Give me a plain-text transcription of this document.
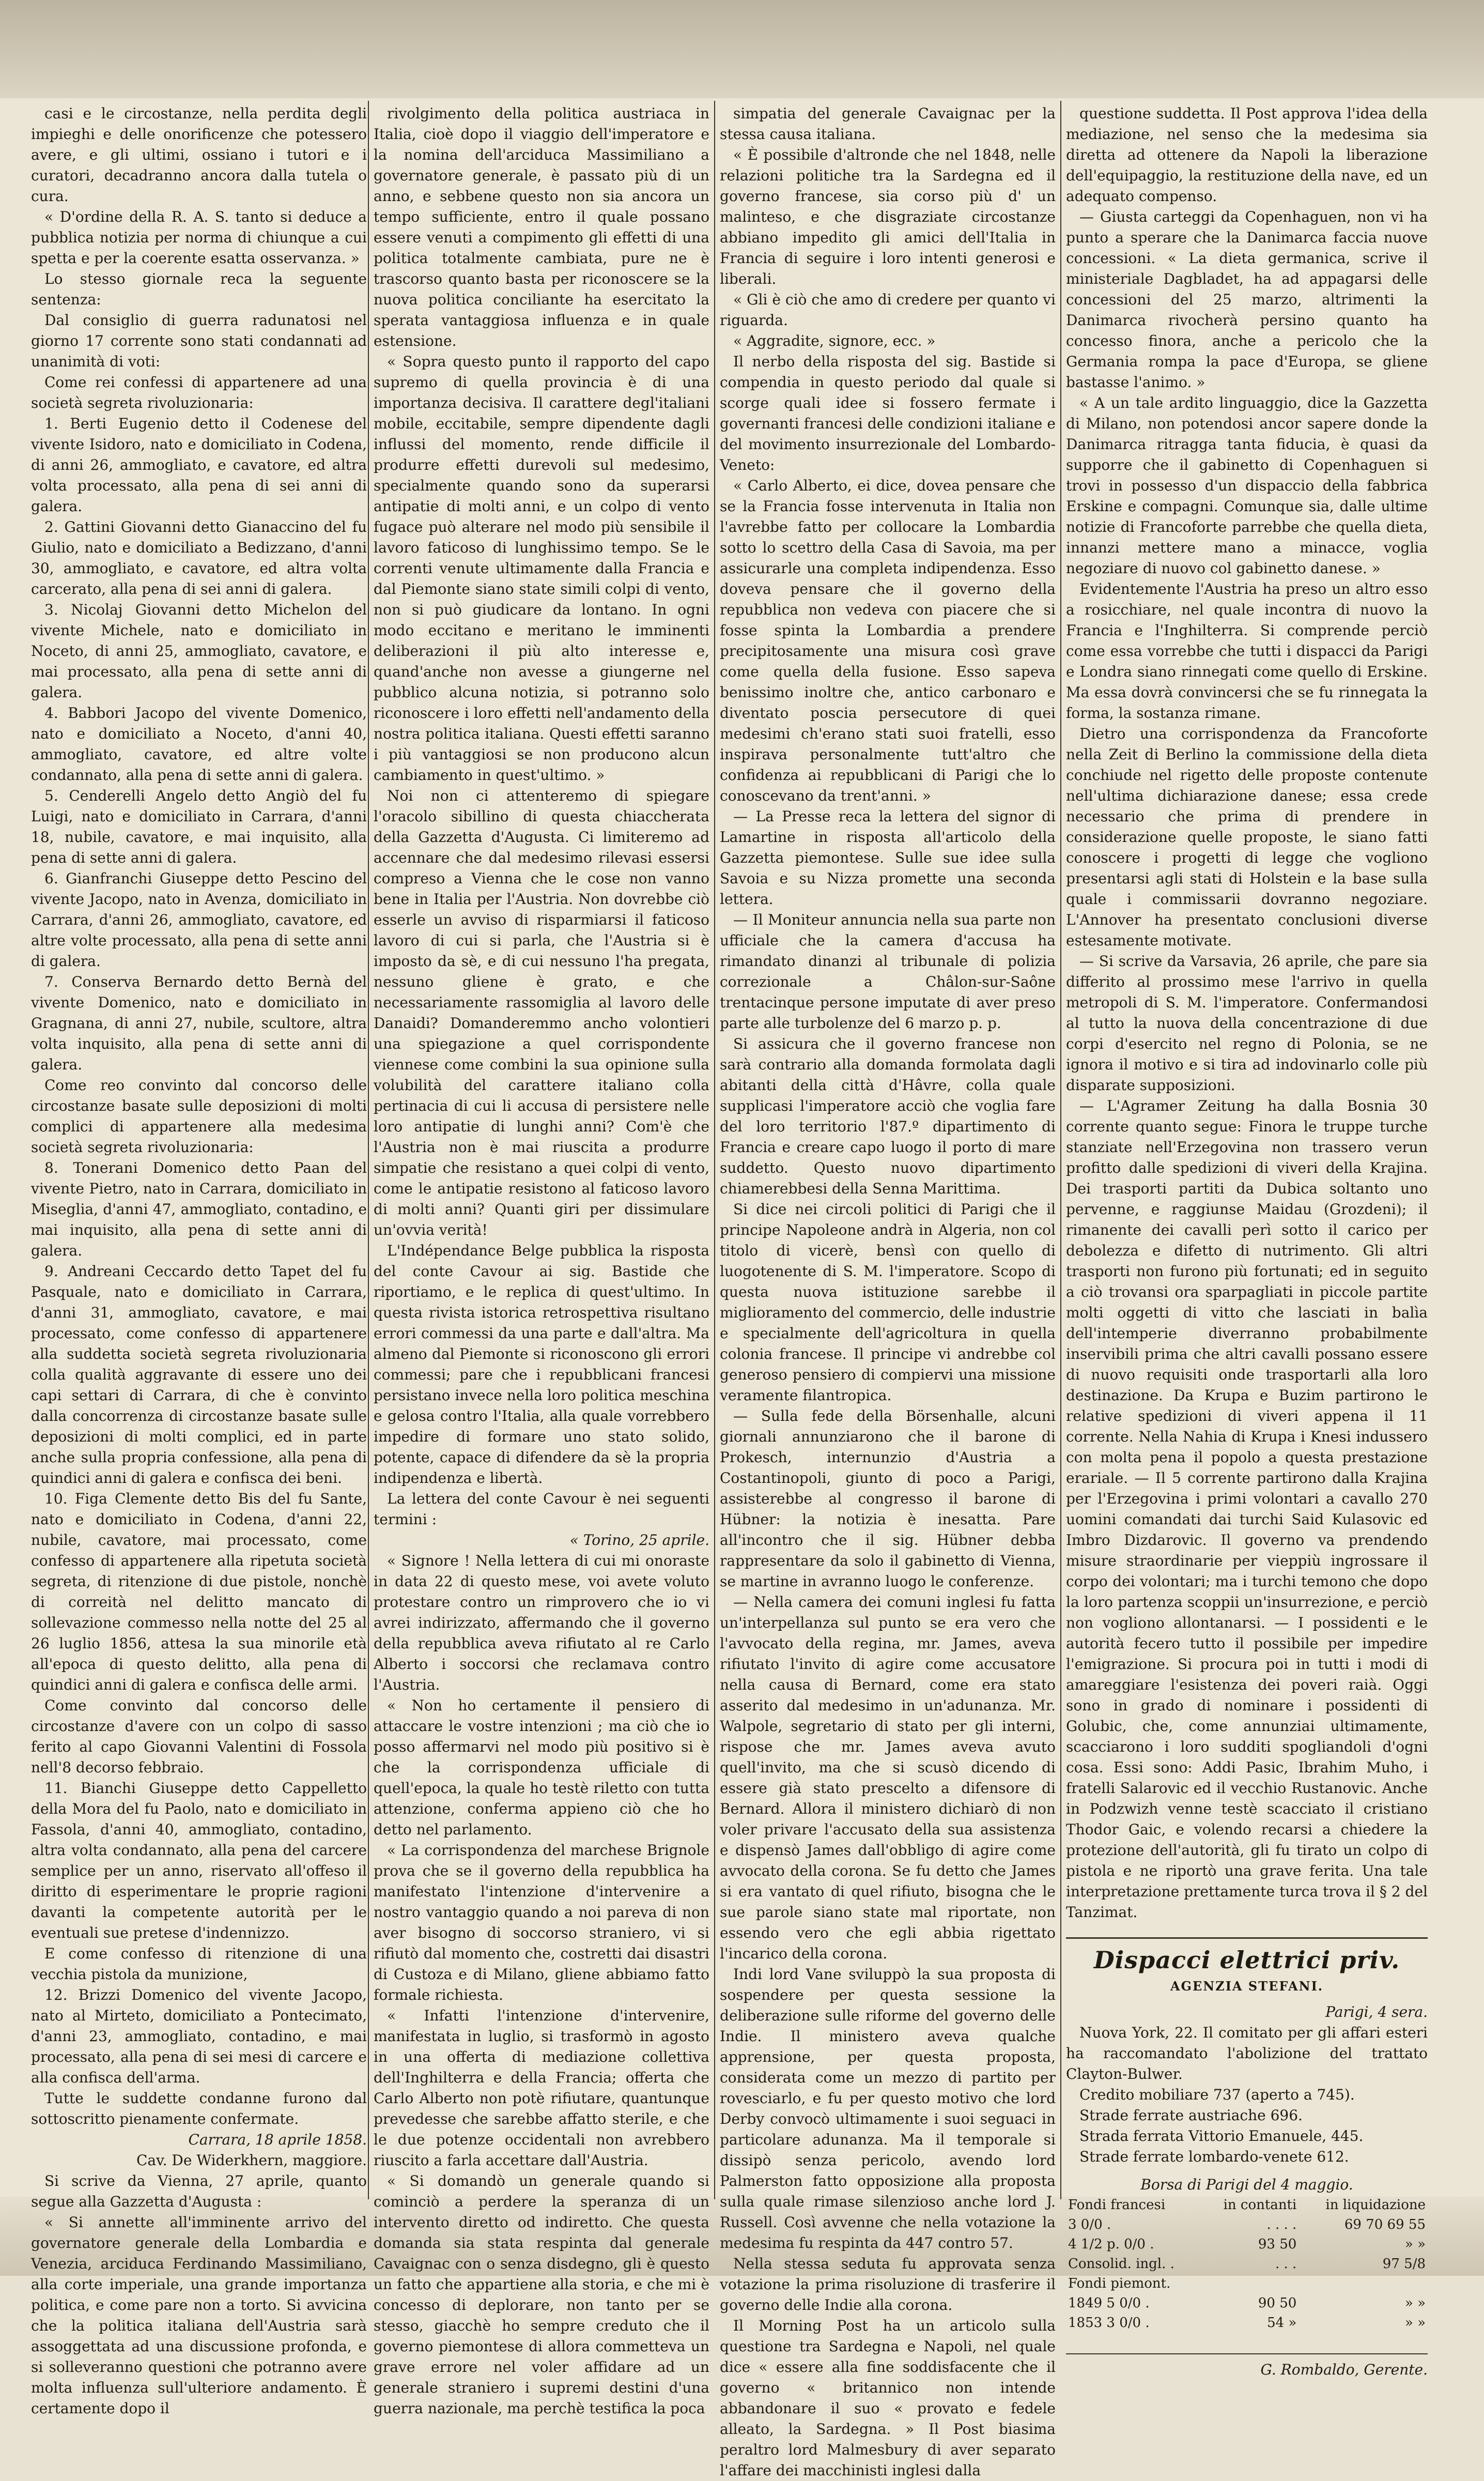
casi e le circostanze, nella perdita degli impieghi e delle onorificenze che potessero avere, e gli ultimi, ossiano i tutori e i curatori, decadranno ancora dalla tutela o cura.

« D'ordine della R. A. S. tanto si deduce a pubblica notizia per norma di chiunque a cui spetta e per la coerente esatta osservanza. »

Lo stesso giornale reca la seguente sentenza:

Dal consiglio di guerra radunatosi nel giorno 17 corrente sono stati condannati ad unanimità di voti:

Come rei confessi di appartenere ad una società segreta rivoluzionaria:

1. Berti Eugenio detto il Codenese del vivente Isidoro, nato e domiciliato in Codena, di anni 26, ammogliato, e cavatore, ed altra volta processato, alla pena di sei anni di galera.

2. Gattini Giovanni detto Gianaccino del fu Giulio, nato e domiciliato a Bedizzano, d'anni 30, ammogliato, e cavatore, ed altra volta carcerato, alla pena di sei anni di galera.

3. Nicolaj Giovanni detto Michelon del vivente Michele, nato e domiciliato in Noceto, di anni 25, ammogliato, cavatore, e mai processato, alla pena di sette anni di galera.

4. Babbori Jacopo del vivente Domenico, nato e domiciliato a Noceto, d'anni 40, ammogliato, cavatore, ed altre volte condannato, alla pena di sette anni di galera.

5. Cenderelli Angelo detto Angiò del fu Luigi, nato e domiciliato in Carrara, d'anni 18, nubile, cavatore, e mai inquisito, alla pena di sette anni di galera.

6. Gianfranchi Giuseppe detto Pescino del vivente Jacopo, nato in Avenza, domiciliato in Carrara, d'anni 26, ammogliato, cavatore, ed altre volte processato, alla pena di sette anni di galera.

7. Conserva Bernardo detto Bernà del vivente Domenico, nato e domiciliato in Gragnana, di anni 27, nubile, scultore, altra volta inquisito, alla pena di sette anni di galera.

Come reo convinto dal concorso delle circostanze basate sulle deposizioni di molti complici di appartenere alla medesima società segreta rivoluzionaria:

8. Tonerani Domenico detto Paan del vivente Pietro, nato in Carrara, domiciliato in Miseglia, d'anni 47, ammogliato, contadino, e mai inquisito, alla pena di sette anni di galera.

9. Andreani Ceccardo detto Tapet del fu Pasquale, nato e domiciliato in Carrara, d'anni 31, ammogliato, cavatore, e mai processato, come confesso di appartenere alla suddetta società segreta rivoluzionaria colla qualità aggravante di essere uno dei capi settari di Carrara, di che è convinto dalla concorrenza di circostanze basate sulle deposizioni di molti complici, ed in parte anche sulla propria confessione, alla pena di quindici anni di galera e confisca dei beni.

10. Figa Clemente detto Bis del fu Sante, nato e domiciliato in Codena, d'anni 22, nubile, cavatore, mai processato, come confesso di appartenere alla ripetuta società segreta, di ritenzione di due pistole, nonchè di correità nel delitto mancato di sollevazione commesso nella notte del 25 al 26 luglio 1856, attesa la sua minorile età all'epoca di questo delitto, alla pena di quindici anni di galera e confisca delle armi.

Come convinto dal concorso delle circostanze d'avere con un colpo di sasso ferito al capo Giovanni Valentini di Fossola nell'8 decorso febbraio.

11. Bianchi Giuseppe detto Cappelletto della Mora del fu Paolo, nato e domiciliato in Fassola, d'anni 40, ammogliato, contadino, altra volta condannato, alla pena del carcere semplice per un anno, riservato all'offeso il diritto di esperimentare le proprie ragioni davanti la competente autorità per le eventuali sue pretese d'indennizzo.

E come confesso di ritenzione di una vecchia pistola da munizione,

12. Brizzi Domenico del vivente Jacopo, nato al Mirteto, domiciliato a Pontecimato, d'anni 23, ammogliato, contadino, e mai processato, alla pena di sei mesi di carcere e alla confisca dell'arma.

Tutte le suddette condanne furono dal sottoscritto pienamente confermate.

Carrara, 18 aprile 1858.

Cav. De Widerkhern, maggiore.

Si scrive da Vienna, 27 aprile, quanto segue alla Gazzetta d'Augusta :

« Si annette all'imminente arrivo del governatore generale della Lombardia e Venezia, arciduca Ferdinando Massimiliano, alla corte imperiale, una grande importanza politica, e come pare non a torto. Si avvicina che la politica italiana dell'Austria sarà assoggettata ad una discussione profonda, e si solleveranno questioni che potranno avere molta influenza sull'ulteriore andamento. È certamente dopo il

rivolgimento della politica austriaca in Italia, cioè dopo il viaggio dell'imperatore e la nomina dell'arciduca Massimiliano a governatore generale, è passato più di un anno, e sebbene questo non sia ancora un tempo sufficiente, entro il quale possano essere venuti a compimento gli effetti di una politica totalmente cambiata, pure ne è trascorso quanto basta per riconoscere se la nuova politica conciliante ha esercitato la sperata vantaggiosa influenza e in quale estensione.

« Sopra questo punto il rapporto del capo supremo di quella provincia è di una importanza decisiva. Il carattere degl'italiani mobile, eccitabile, sempre dipendente dagli influssi del momento, rende difficile il produrre effetti durevoli sul medesimo, specialmente quando sono da superarsi antipatie di molti anni, e un colpo di vento fugace può alterare nel modo più sensibile il lavoro faticoso di lunghissimo tempo. Se le correnti venute ultimamente dalla Francia e dal Piemonte siano state simili colpi di vento, non si può giudicare da lontano. In ogni modo eccitano e meritano le imminenti deliberazioni il più alto interesse e, quand'anche non avesse a giungerne nel pubblico alcuna notizia, si potranno solo riconoscere i loro effetti nell'andamento della nostra politica italiana. Questi effetti saranno i più vantaggiosi se non producono alcun cambiamento in quest'ultimo. »

Noi non ci attenteremo di spiegare l'oracolo sibillino di questa chiaccherata della Gazzetta d'Augusta. Ci limiteremo ad accennare che dal medesimo rilevasi essersi compreso a Vienna che le cose non vanno bene in Italia per l'Austria. Non dovrebbe ciò esserle un avviso di risparmiarsi il faticoso lavoro di cui si parla, che l'Austria si è imposto da sè, e di cui nessuno l'ha pregata, nessuno gliene è grato, e che necessariamente rassomiglia al lavoro delle Danaidi? Domanderemmo ancho volontieri una spiegazione a quel corrispondente viennese come combini la sua opinione sulla volubilità del carattere italiano colla pertinacia di cui li accusa di persistere nelle loro antipatie di lunghi anni? Com'è che l'Austria non è mai riuscita a produrre simpatie che resistano a quei colpi di vento, come le antipatie resistono al faticoso lavoro di molti anni? Quanti giri per dissimulare un'ovvia verità!

L'Indépendance Belge pubblica la risposta del conte Cavour ai sig. Bastide che riportiamo, e le replica di quest'ultimo. In questa rivista istorica retrospettiva risultano errori commessi da una parte e dall'altra. Ma almeno dal Piemonte si riconoscono gli errori commessi; pare che i repubblicani francesi persistano invece nella loro politica meschina e gelosa contro l'Italia, alla quale vorrebbero impedire di formare uno stato solido, potente, capace di difendere da sè la propria indipendenza e libertà.

La lettera del conte Cavour è nei seguenti termini :

« Torino, 25 aprile.

« Signore ! Nella lettera di cui mi onoraste in data 22 di questo mese, voi avete voluto protestare contro un rimprovero che io vi avrei indirizzato, affermando che il governo della repubblica aveva rifiutato al re Carlo Alberto i soccorsi che reclamava contro l'Austria.

« Non ho certamente il pensiero di attaccare le vostre intenzioni ; ma ciò che io posso affermarvi nel modo più positivo si è che la corrispondenza ufficiale di quell'epoca, la quale ho testè riletto con tutta attenzione, conferma appieno ciò che ho detto nel parlamento.

« La corrispondenza del marchese Brignole prova che se il governo della repubblica ha manifestato l'intenzione d'intervenire a nostro vantaggio quando a noi pareva di non aver bisogno di soccorso straniero, vi si rifiutò dal momento che, costretti dai disastri di Custoza e di Milano, gliene abbiamo fatto formale richiesta.

« Infatti l'intenzione d'intervenire, manifestata in luglio, si trasformò in agosto in una offerta di mediazione collettiva dell'Inghilterra e della Francia; offerta che Carlo Alberto non potè rifiutare, quantunque prevedesse che sarebbe affatto sterile, e che le due potenze occidentali non avrebbero riuscito a farla accettare dall'Austria.

« Si domandò un generale quando si cominciò a perdere la speranza di un intervento diretto od indiretto. Che questa domanda sia stata respinta dal generale Cavaignac con o senza disdegno, gli è questo un fatto che appartiene alla storia, e che mi è concesso di deplorare, non tanto per se stesso, giacchè ho sempre creduto che il governo piemontese di allora commetteva un grave errore nel voler affidare ad un generale straniero i supremi destini d'una guerra nazionale, ma perchè testifica la poca

simpatia del generale Cavaignac per la stessa causa italiana.

« È possibile d'altronde che nel 1848, nelle relazioni politiche tra la Sardegna ed il governo francese, sia corso più d' un malinteso, e che disgraziate circostanze abbiano impedito gli amici dell'Italia in Francia di seguire i loro intenti generosi e liberali.

« Gli è ciò che amo di credere per quanto vi riguarda.

« Aggradite, signore, ecc. »

Il nerbo della risposta del sig. Bastide si compendia in questo periodo dal quale si scorge quali idee si fossero fermate i governanti francesi delle condizioni italiane e del movimento insurrezionale del Lombardo-Veneto:

« Carlo Alberto, ei dice, dovea pensare che se la Francia fosse intervenuta in Italia non l'avrebbe fatto per collocare la Lombardia sotto lo scettro della Casa di Savoia, ma per assicurarle una completa indipendenza. Esso doveva pensare che il governo della repubblica non vedeva con piacere che si fosse spinta la Lombardia a prendere precipitosamente una misura così grave come quella della fusione. Esso sapeva benissimo inoltre che, antico carbonaro e diventato poscia persecutore di quei medesimi ch'erano stati suoi fratelli, esso inspirava personalmente tutt'altro che confidenza ai repubblicani di Parigi che lo conoscevano da trent'anni. »

— La Presse reca la lettera del signor di Lamartine in risposta all'articolo della Gazzetta piemontese. Sulle sue idee sulla Savoia e su Nizza promette una seconda lettera.

— Il Moniteur annuncia nella sua parte non ufficiale che la camera d'accusa ha rimandato dinanzi al tribunale di polizia correzionale a Châlon-sur-Saône trentacinque persone imputate di aver preso parte alle turbolenze del 6 marzo p. p.

Si assicura che il governo francese non sarà contrario alla domanda formolata dagli abitanti della città d'Hâvre, colla quale supplicasi l'imperatore acciò che voglia fare del loro territorio l'87.º dipartimento di Francia e creare capo luogo il porto di mare suddetto. Questo nuovo dipartimento chiamerebbesi della Senna Marittima.

Si dice nei circoli politici di Parigi che il principe Napoleone andrà in Algeria, non col titolo di vicerè, bensì con quello di luogotenente di S. M. l'imperatore. Scopo di questa nuova istituzione sarebbe il miglioramento del commercio, delle industrie e specialmente dell'agricoltura in quella colonia francese. Il principe vi andrebbe col generoso pensiero di compiervi una missione veramente filantropica.

— Sulla fede della Börsenhalle, alcuni giornali annunziarono che il barone di Prokesch, internunzio d'Austria a Costantinopoli, giunto di poco a Parigi, assisterebbe al congresso il barone di Hübner: la notizia è inesatta. Pare all'incontro che il sig. Hübner debba rappresentare da solo il gabinetto di Vienna, se martine in avranno luogo le conferenze.

— Nella camera dei comuni inglesi fu fatta un'interpellanza sul punto se era vero che l'avvocato della regina, mr. James, aveva rifiutato l'invito di agire come accusatore nella causa di Bernard, come era stato asserito dal medesimo in un'adunanza. Mr. Walpole, segretario di stato per gli interni, rispose che mr. James aveva avuto quell'invito, ma che si scusò dicendo di essere già stato prescelto a difensore di Bernard. Allora il ministero dichiarò di non voler privare l'accusato della sua assistenza e dispensò James dall'obbligo di agire come avvocato della corona. Se fu detto che James si era vantato di quel rifiuto, bisogna che le sue parole siano state mal riportate, non essendo vero che egli abbia rigettato l'incarico della corona.

Indi lord Vane sviluppò la sua proposta di sospendere per questa sessione la deliberazione sulle riforme del governo delle Indie. Il ministero aveva qualche apprensione, per questa proposta, considerata come un mezzo di partito per rovesciarlo, e fu per questo motivo che lord Derby convocò ultimamente i suoi seguaci in particolare adunanza. Ma il temporale si dissipò senza pericolo, avendo lord Palmerston fatto opposizione alla proposta sulla quale rimase silenzioso anche lord J. Russell. Così avvenne che nella votazione la medesima fu respinta da 447 contro 57.

Nella stessa seduta fu approvata senza votazione la prima risoluzione di trasferire il governo delle Indie alla corona.

Il Morning Post ha un articolo sulla questione tra Sardegna e Napoli, nel quale dice « essere alla fine soddisfacente che il governo « britannico non intende abbandonare il suo « provato e fedele alleato, la Sardegna. » Il Post biasima peraltro lord Malmesbury di aver separato l'affare dei macchinisti inglesi dalla

questione suddetta. Il Post approva l'idea della mediazione, nel senso che la medesima sia diretta ad ottenere da Napoli la liberazione dell'equipaggio, la restituzione della nave, ed un adequato compenso.

— Giusta carteggi da Copenhaguen, non vi ha punto a sperare che la Danimarca faccia nuove concessioni. « La dieta germanica, scrive il ministeriale Dagbladet, ha ad appagarsi delle concessioni del 25 marzo, altrimenti la Danimarca rivocherà persino quanto ha concesso finora, anche a pericolo che la Germania rompa la pace d'Europa, se gliene bastasse l'animo. »

« A un tale ardito linguaggio, dice la Gazzetta di Milano, non potendosi ancor sapere donde la Danimarca ritragga tanta fiducia, è quasi da supporre che il gabinetto di Copenhaguen si trovi in possesso d'un dispaccio della fabbrica Erskine e compagni. Comunque sia, dalle ultime notizie di Francoforte parrebbe che quella dieta, innanzi mettere mano a minacce, voglia negoziare di nuovo col gabinetto danese. »

Evidentemente l'Austria ha preso un altro esso a rosicchiare, nel quale incontra di nuovo la Francia e l'Inghilterra. Si comprende perciò come essa vorrebbe che tutti i dispacci da Parigi e Londra siano rinnegati come quello di Erskine. Ma essa dovrà convincersi che se fu rinnegata la forma, la sostanza rimane.

Dietro una corrispondenza da Francoforte nella Zeit di Berlino la commissione della dieta conchiude nel rigetto delle proposte contenute nell'ultima dichiarazione danese; essa crede necessario che prima di prendere in considerazione quelle proposte, le siano fatti conoscere i progetti di legge che vogliono presentarsi agli stati di Holstein e la base sulla quale i commissarii dovranno negoziare. L'Annover ha presentato conclusioni diverse estesamente motivate.

— Si scrive da Varsavia, 26 aprile, che pare sia differito al prossimo mese l'arrivo in quella metropoli di S. M. l'imperatore. Confermandosi al tutto la nuova della concentrazione di due corpi d'esercito nel regno di Polonia, se ne ignora il motivo e si tira ad indovinarlo colle più disparate supposizioni.

— L'Agramer Zeitung ha dalla Bosnia 30 corrente quanto segue: Finora le truppe turche stanziate nell'Erzegovina non trassero verun profitto dalle spedizioni di viveri della Krajina. Dei trasporti partiti da Dubica soltanto uno pervenne, e raggiunse Maidau (Grozdeni); il rimanente dei cavalli perì sotto il carico per debolezza e difetto di nutrimento. Gli altri trasporti non furono più fortunati; ed in seguito a ciò trovansi ora sparpagliati in piccole partite molti oggetti di vitto che lasciati in balìa dell'intemperie diverranno probabilmente inservibili prima che altri cavalli possano essere di nuovo requisiti onde trasportarli alla loro destinazione. Da Krupa e Buzim partirono le relative spedizioni di viveri appena il 11 corrente. Nella Nahia di Krupa i Knesi indussero con molta pena il popolo a questa prestazione erariale. — Il 5 corrente partirono dalla Krajina per l'Erzegovina i primi volontari a cavallo 270 uomini comandati dai turchi Said Kulasovic ed Imbro Dizdarovic. Il governo va prendendo misure straordinarie per vieppiù ingrossare il corpo dei volontari; ma i turchi temono che dopo la loro partenza scoppii un'insurrezione, e perciò non vogliono allontanarsi. — I possidenti e le autorità fecero tutto il possibile per impedire l'emigrazione. Si procura poi in tutti i modi di amareggiare l'esistenza dei poveri raià. Oggi sono in grado di nominare i possidenti di Golubic, che, come annunziai ultimamente, scacciarono i loro sudditi spogliandoli d'ogni cosa. Essi sono: Addi Pasic, Ibrahim Muho, i fratelli Salarovic ed il vecchio Rustanovic. Anche in Podzwizh venne testè scacciato il cristiano Thodor Gaic, e volendo recarsi a chiedere la protezione dell'autorità, gli fu tirato un colpo di pistola e ne riportò una grave ferita. Una tale interpretazione prettamente turca trova il § 2 del Tanzimat.

Dispacci elettrici priv.
AGENZIA STEFANI.

Parigi, 4 sera.

Nuova York, 22. Il comitato per gli affari esteri ha raccomandato l'abolizione del trattato Clayton-Bulwer.

Credito mobiliare 737 (aperto a 745).

Strade ferrate austriache 696.

Strada ferrata Vittorio Emanuele, 445.

Strade ferrate lombardo-venete 612.

Borsa di Parigi del 4 maggio.
Fondi francesi	in contanti	in liquidazione
3 0/0 .	. . . .	69 70 69 55
4 1/2 p. 0/0 .	93 50	» »
Consolid. ingl. .	. . .	97 5/8
Fondi piemont.		
1849 5 0/0 .	90 50	» »
1853 3 0/0 .	54 »	» »
G. Rombaldo, Gerente.
